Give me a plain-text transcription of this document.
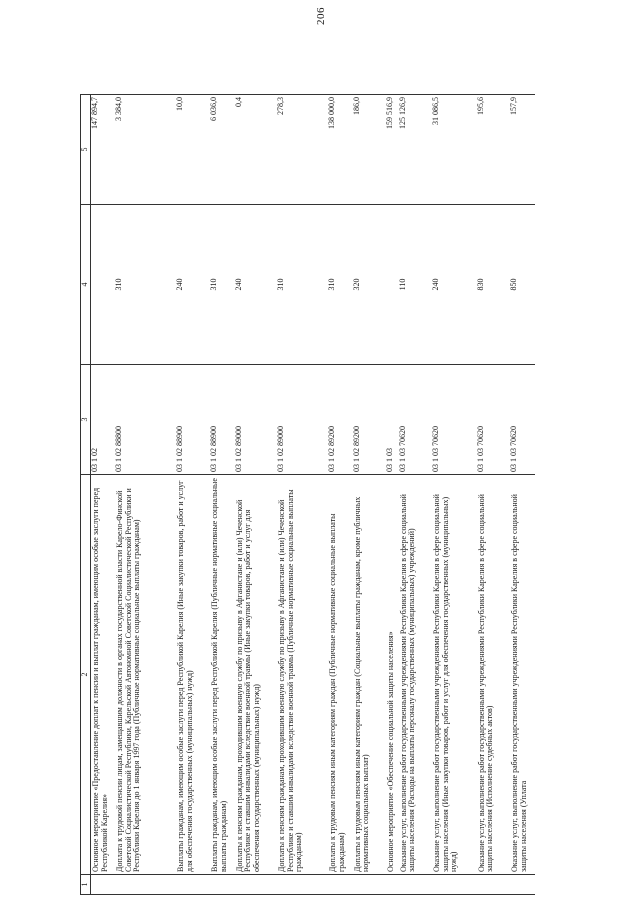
206
1	2	3	4	5
	Основное мероприятие «Предоставление доплат к пенсии и выплат гражданам, имеющим особые заслуги перед Республикой Карелия»	03 1 02		147 894,7
	Доплата к трудовой пенсии лицам, замещавшим должности в органах государственной власти Карело-Финской Советской Социалистической Республики, Карельской Автономной Советской Социалистической Республики и Республики Карелия до 1 января 1997 года (Публичные нормативные социальные выплаты гражданам)	03 1 02 88800	310	3 384,0
	Выплаты гражданам, имеющим особые заслуги перед Республикой Карелия (Иные закупки товаров, работ и услуг для обеспечения государственных (муниципальных) нужд)	03 1 02 88900	240	10,0
	Выплаты гражданам, имеющим особые заслуги перед Республикой Карелия (Публичные нормативные социальные выплаты гражданам)	03 1 02 88900	310	6 036,0
	Доплаты к пенсиям гражданам, проходившим военную службу по призыву в Афганистане и (или) Чеченской Республике и ставшим инвалидами вследствие военной травмы (Иные закупки товаров, работ и услуг для обеспечения государственных (муниципальных) нужд)	03 1 02 89000	240	0,4
	Доплаты к пенсиям гражданам, проходившим военную службу по призыву в Афганистане и (или) Чеченской Республике и ставшим инвалидами вследствие военной травмы (Публичные нормативные социальные выплаты гражданам)	03 1 02 89000	310	278,3
	Доплаты к трудовым пенсиям иным категориям граждан (Публичные нормативные социальные выплаты гражданам)	03 1 02 89200	310	138 000,0
	Доплаты к трудовым пенсиям иным категориям граждан (Социальные выплаты гражданам, кроме публичных нормативных социальных выплат)	03 1 02 89200	320	186,0
	Основное мероприятие «Обеспечение социальной защиты населения»	03 1 03		159 516,9
	Оказание услуг, выполнение работ государственными учреждениями Республики Карелия в сфере социальной защиты населения (Расходы на выплаты персоналу государственных (муниципальных) учреждений)	03 1 03 70620	110	125 126,9
	Оказание услуг, выполнение работ государственными учреждениями Республики Карелия в сфере социальной защиты населения (Иные закупки товаров, работ и услуг для обеспечения государственных (муниципальных) нужд)	03 1 03 70620	240	31 086,5
	Оказание услуг, выполнение работ государственными учреждениями Республики Карелия в сфере социальной защиты населения (Исполнение судебных актов)	03 1 03 70620	830	195,6
	Оказание услуг, выполнение работ государственными учреждениями Республики Карелия в сфере социальной защиты населения (Уплата	03 1 03 70620	850	157,9
